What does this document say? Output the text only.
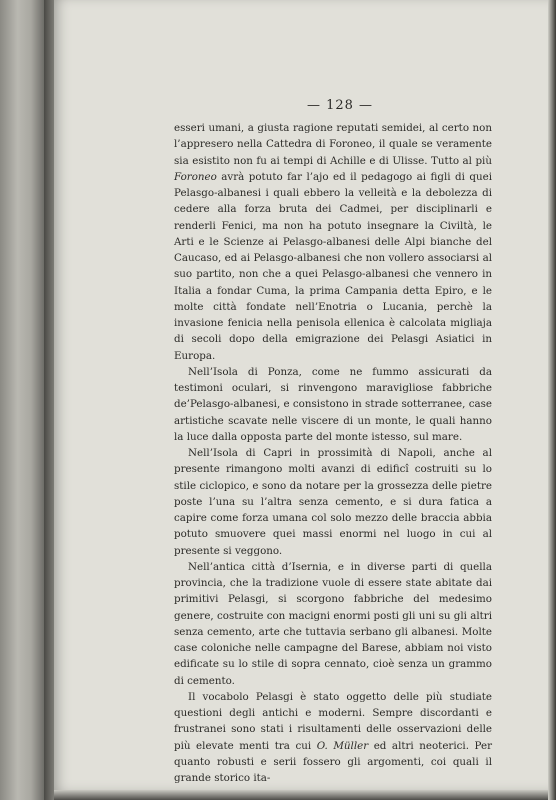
— 128 —

esseri umani, a giusta ragione reputati semidei, al certo non l’appresero nella Cattedra di Foroneo, il quale se veramente sia esistito non fu ai tempi di Achille e di Ulisse. Tutto al più Foroneo avrà potuto far l’ajo ed il pedagogo ai figli di quei Pelasgo-albanesi i quali ebbero la velleità e la debolezza di cedere alla forza bruta dei Cadmei, per disciplinarli e renderli Fenici, ma non ha potuto insegnare la Civiltà, le Arti e le Scienze ai Pelasgo-albanesi delle Alpi bianche del Caucaso, ed ai Pelasgo-albanesi che non vollero associarsi al suo partito, non che a quei Pelasgo-albanesi che vennero in Italia a fondar Cuma, la prima Campania detta Epiro, e le molte città fondate nell’Enotria o Lucania, perchè la invasione fenicia nella penisola ellenica è calcolata migliaja di secoli dopo della emigrazione dei Pelasgi Asiatici in Europa.

Nell’Isola di Ponza, come ne fummo assicurati da testimoni oculari, si rinvengono maravigliose fabbriche de’Pelasgo-albanesi, e consistono in strade sotterranee, case artistiche scavate nelle viscere di un monte, le quali hanno la luce dalla opposta parte del monte istesso, sul mare.

Nell’Isola di Capri in prossimità di Napoli, anche al presente rimangono molti avanzi di edificî costruiti su lo stile ciclopico, e sono da notare per la grossezza delle pietre poste l’una su l’altra senza cemento, e si dura fatica a capire come forza umana col solo mezzo delle braccia abbia potuto smuovere quei massi enormi nel luogo in cui al presente si veggono.

Nell’antica città d’Isernia, e in diverse parti di quella provincia, che la tradizione vuole di essere state abitate dai primitivi Pelasgi, si scorgono fabbriche del medesimo genere, costruite con macigni enormi posti gli uni su gli altri senza cemento, arte che tuttavia serbano gli albanesi. Molte case coloniche nelle campagne del Barese, abbiam noi visto edificate su lo stile di sopra cennato, cioè senza un grammo di cemento.

Il vocabolo Pelasgi è stato oggetto delle più studiate questioni degli antichi e moderni. Sempre discordanti e frustranei sono stati i risultamenti delle osservazioni delle più elevate menti tra cui O. Müller ed altri neoterici. Per quanto robusti e serii fossero gli argomenti, coi quali il grande storico ita-
